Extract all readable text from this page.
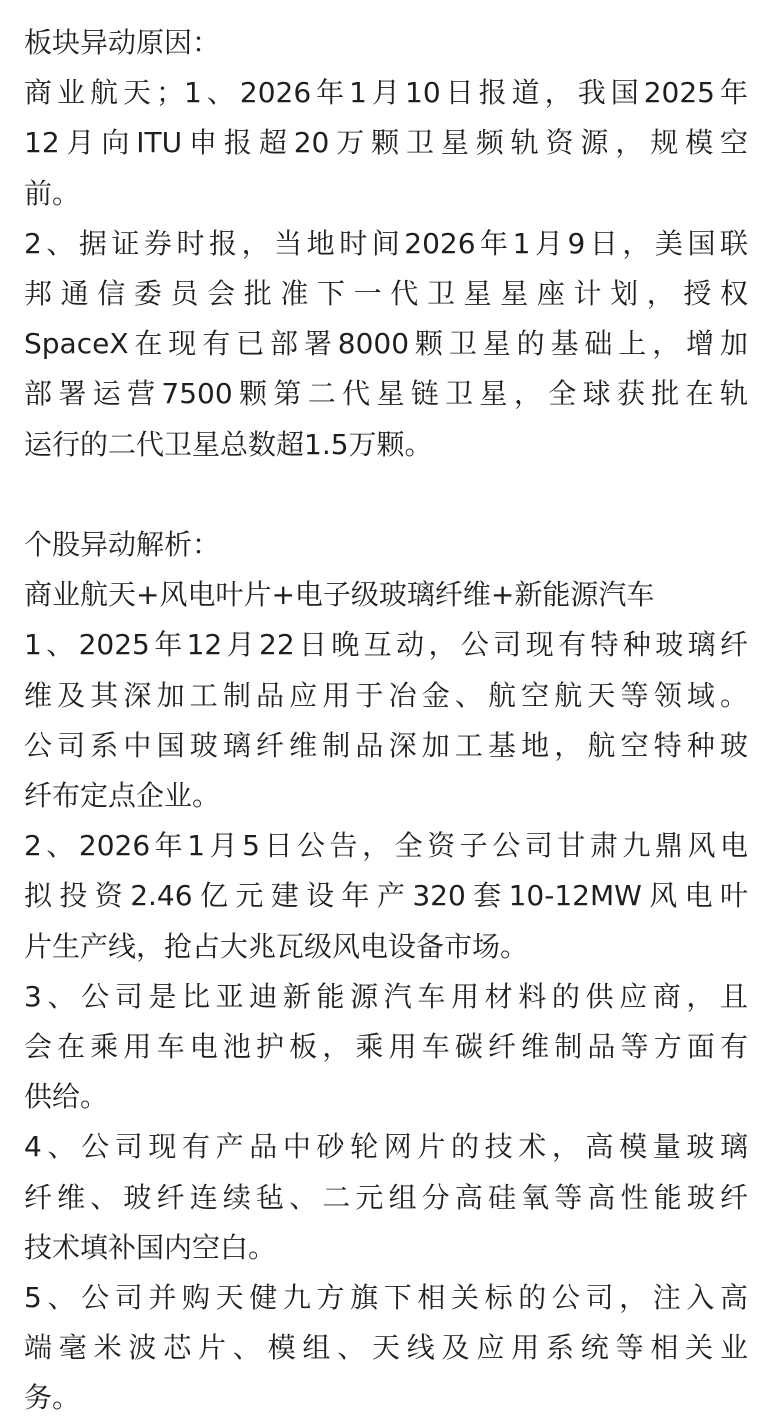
板块异动原因：
商业航天；1、2026年1月10日报道，我国2025年
12月向ITU申报超20万颗卫星频轨资源，规模空
前。
2、据证券时报，当地时间2026年1月9日，美国联
邦通信委员会批准下一代卫星星座计划，授权
SpaceX在现有已部署8000颗卫星的基础上，增加
部署运营7500颗第二代星链卫星，全球获批在轨
运行的二代卫星总数超1.5万颗。
个股异动解析：
商业航天+风电叶片+电子级玻璃纤维+新能源汽车
1、2025年12月22日晚互动，公司现有特种玻璃纤
维及其深加工制品应用于冶金、航空航天等领域。
公司系中国玻璃纤维制品深加工基地，航空特种玻
纤布定点企业。
2、2026年1月5日公告，全资子公司甘肃九鼎风电
拟投资2.46亿元建设年产320套10-12MW风电叶
片生产线，抢占大兆瓦级风电设备市场。
3、公司是比亚迪新能源汽车用材料的供应商，且
会在乘用车电池护板，乘用车碳纤维制品等方面有
供给。
4、公司现有产品中砂轮网片的技术，高模量玻璃
纤维、玻纤连续毡、二元组分高硅氧等高性能玻纤
技术填补国内空白。
5、公司并购天健九方旗下相关标的公司，注入高
端毫米波芯片、模组、天线及应用系统等相关业
务。
